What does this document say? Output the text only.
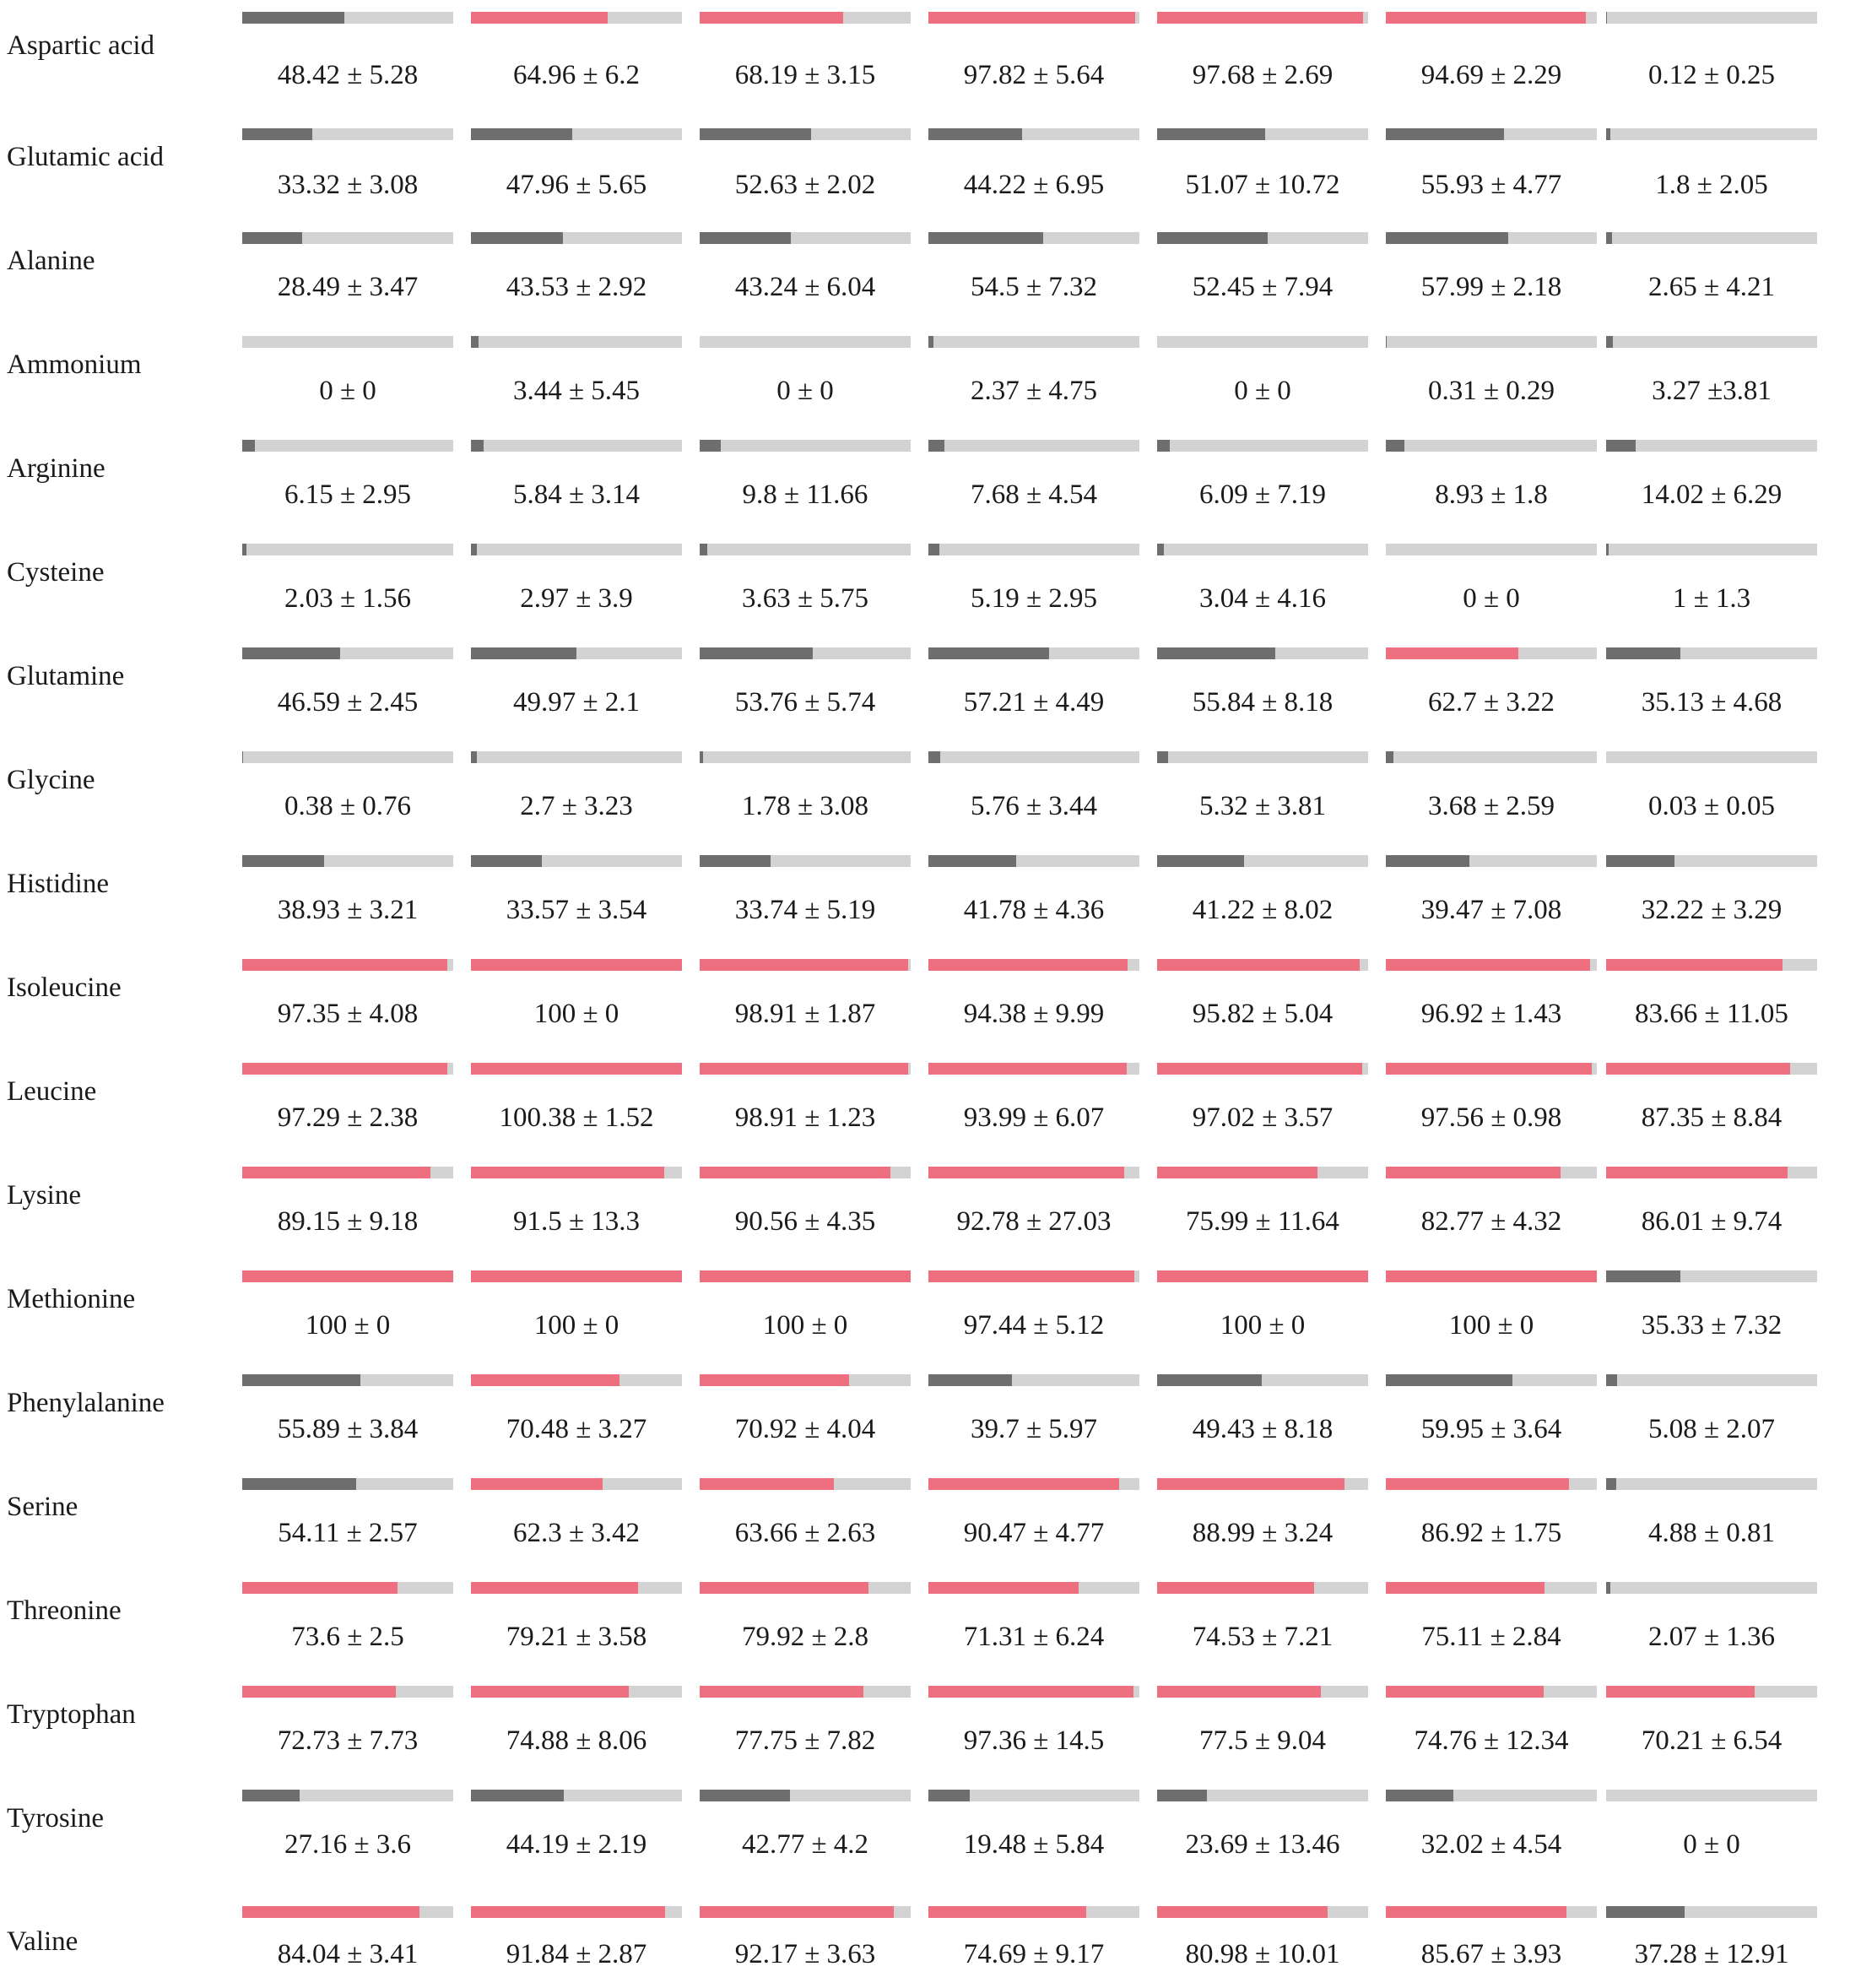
Aspartic acid
48.42 ± 5.28	64.96 ± 6.2	68.19 ± 3.15	97.82 ± 5.64	97.68 ± 2.69	94.69 ± 2.29	0.12 ± 0.25
Glutamic acid
33.32 ± 3.08	47.96 ± 5.65	52.63 ± 2.02	44.22 ± 6.95	51.07 ± 10.72	55.93 ± 4.77	1.8 ± 2.05
Alanine
28.49 ± 3.47	43.53 ± 2.92	43.24 ± 6.04	54.5 ± 7.32	52.45 ± 7.94	57.99 ± 2.18	2.65 ± 4.21
Ammonium
0 ± 0	3.44 ± 5.45	0 ± 0	2.37 ± 4.75	0 ± 0	0.31 ± 0.29	3.27 ±3.81
Arginine
6.15 ± 2.95	5.84 ± 3.14	9.8 ± 11.66	7.68 ± 4.54	6.09 ± 7.19	8.93 ± 1.8	14.02 ± 6.29
Cysteine
2.03 ± 1.56	2.97 ± 3.9	3.63 ± 5.75	5.19 ± 2.95	3.04 ± 4.16	0 ± 0	1 ± 1.3
Glutamine
46.59 ± 2.45	49.97 ± 2.1	53.76 ± 5.74	57.21 ± 4.49	55.84 ± 8.18	62.7 ± 3.22	35.13 ± 4.68
Glycine
0.38 ± 0.76	2.7 ± 3.23	1.78 ± 3.08	5.76 ± 3.44	5.32 ± 3.81	3.68 ± 2.59	0.03 ± 0.05
Histidine
38.93 ± 3.21	33.57 ± 3.54	33.74 ± 5.19	41.78 ± 4.36	41.22 ± 8.02	39.47 ± 7.08	32.22 ± 3.29
Isoleucine
97.35 ± 4.08	100 ± 0	98.91 ± 1.87	94.38 ± 9.99	95.82 ± 5.04	96.92 ± 1.43	83.66 ± 11.05
Leucine
97.29 ± 2.38	100.38 ± 1.52	98.91 ± 1.23	93.99 ± 6.07	97.02 ± 3.57	97.56 ± 0.98	87.35 ± 8.84
Lysine
89.15 ± 9.18	91.5 ± 13.3	90.56 ± 4.35	92.78 ± 27.03	75.99 ± 11.64	82.77 ± 4.32	86.01 ± 9.74
Methionine
100 ± 0	100 ± 0	100 ± 0	97.44 ± 5.12	100 ± 0	100 ± 0	35.33 ± 7.32
Phenylalanine
55.89 ± 3.84	70.48 ± 3.27	70.92 ± 4.04	39.7 ± 5.97	49.43 ± 8.18	59.95 ± 3.64	5.08 ± 2.07
Serine
54.11 ± 2.57	62.3 ± 3.42	63.66 ± 2.63	90.47 ± 4.77	88.99 ± 3.24	86.92 ± 1.75	4.88 ± 0.81
Threonine
73.6 ± 2.5	79.21 ± 3.58	79.92 ± 2.8	71.31 ± 6.24	74.53 ± 7.21	75.11 ± 2.84	2.07 ± 1.36
Tryptophan
72.73 ± 7.73	74.88 ± 8.06	77.75 ± 7.82	97.36 ± 14.5	77.5 ± 9.04	74.76 ± 12.34	70.21 ± 6.54
Tyrosine
27.16 ± 3.6	44.19 ± 2.19	42.77 ± 4.2	19.48 ± 5.84	23.69 ± 13.46	32.02 ± 4.54	0 ± 0
Valine	84.04 ± 3.41	91.84 ± 2.87	92.17 ± 3.63	74.69 ± 9.17	80.98 ± 10.01	85.67 ± 3.93	37.28 ± 12.91
